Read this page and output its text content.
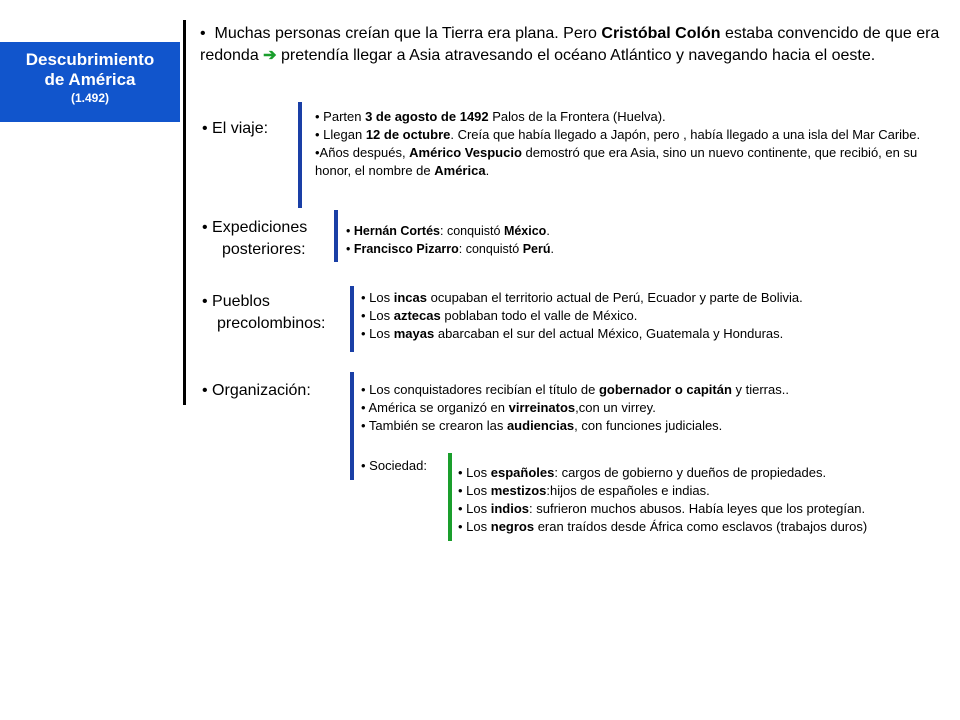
Descubrimiento
de América
(1.492)
• Muchas personas creían que la Tierra era plana. Pero Cristóbal Colón estaba convencido de que era redonda ➔ pretendía llegar a Asia atravesando el océano Atlántico y navegando hacia el oeste.
• El viaje:
• Parten 3 de agosto de 1492 Palos de la Frontera (Huelva).
• Llegan 12 de octubre. Creía que había llegado a Japón, pero , había llegado a una isla del Mar Caribe.
•Años después, Américo Vespucio demostró que era Asia, sino un nuevo continente, que recibió, en su honor, el nombre de América.
• Expediciones
posteriores:
• Hernán Cortés: conquistó México.
• Francisco Pizarro: conquistó Perú.
• Pueblos
precolombinos:
• Los incas ocupaban el territorio actual de Perú, Ecuador y parte de Bolivia.
• Los aztecas poblaban todo el valle de México.
• Los mayas abarcaban el sur del actual México, Guatemala y Honduras.
• Organización:	• Los conquistadores recibían el título de gobernador o capitán y tierras..
• América se organizó en virreinatos,con un virrey.
• También se crearon las audiencias, con funciones judiciales.
• Sociedad: • Los españoles: cargos de gobierno y dueños de propiedades.
• Los mestizos:hijos de españoles e indias.
• Los indios: sufrieron muchos abusos. Había leyes que los protegían.
• Los negros eran traídos desde África como esclavos (trabajos duros)
